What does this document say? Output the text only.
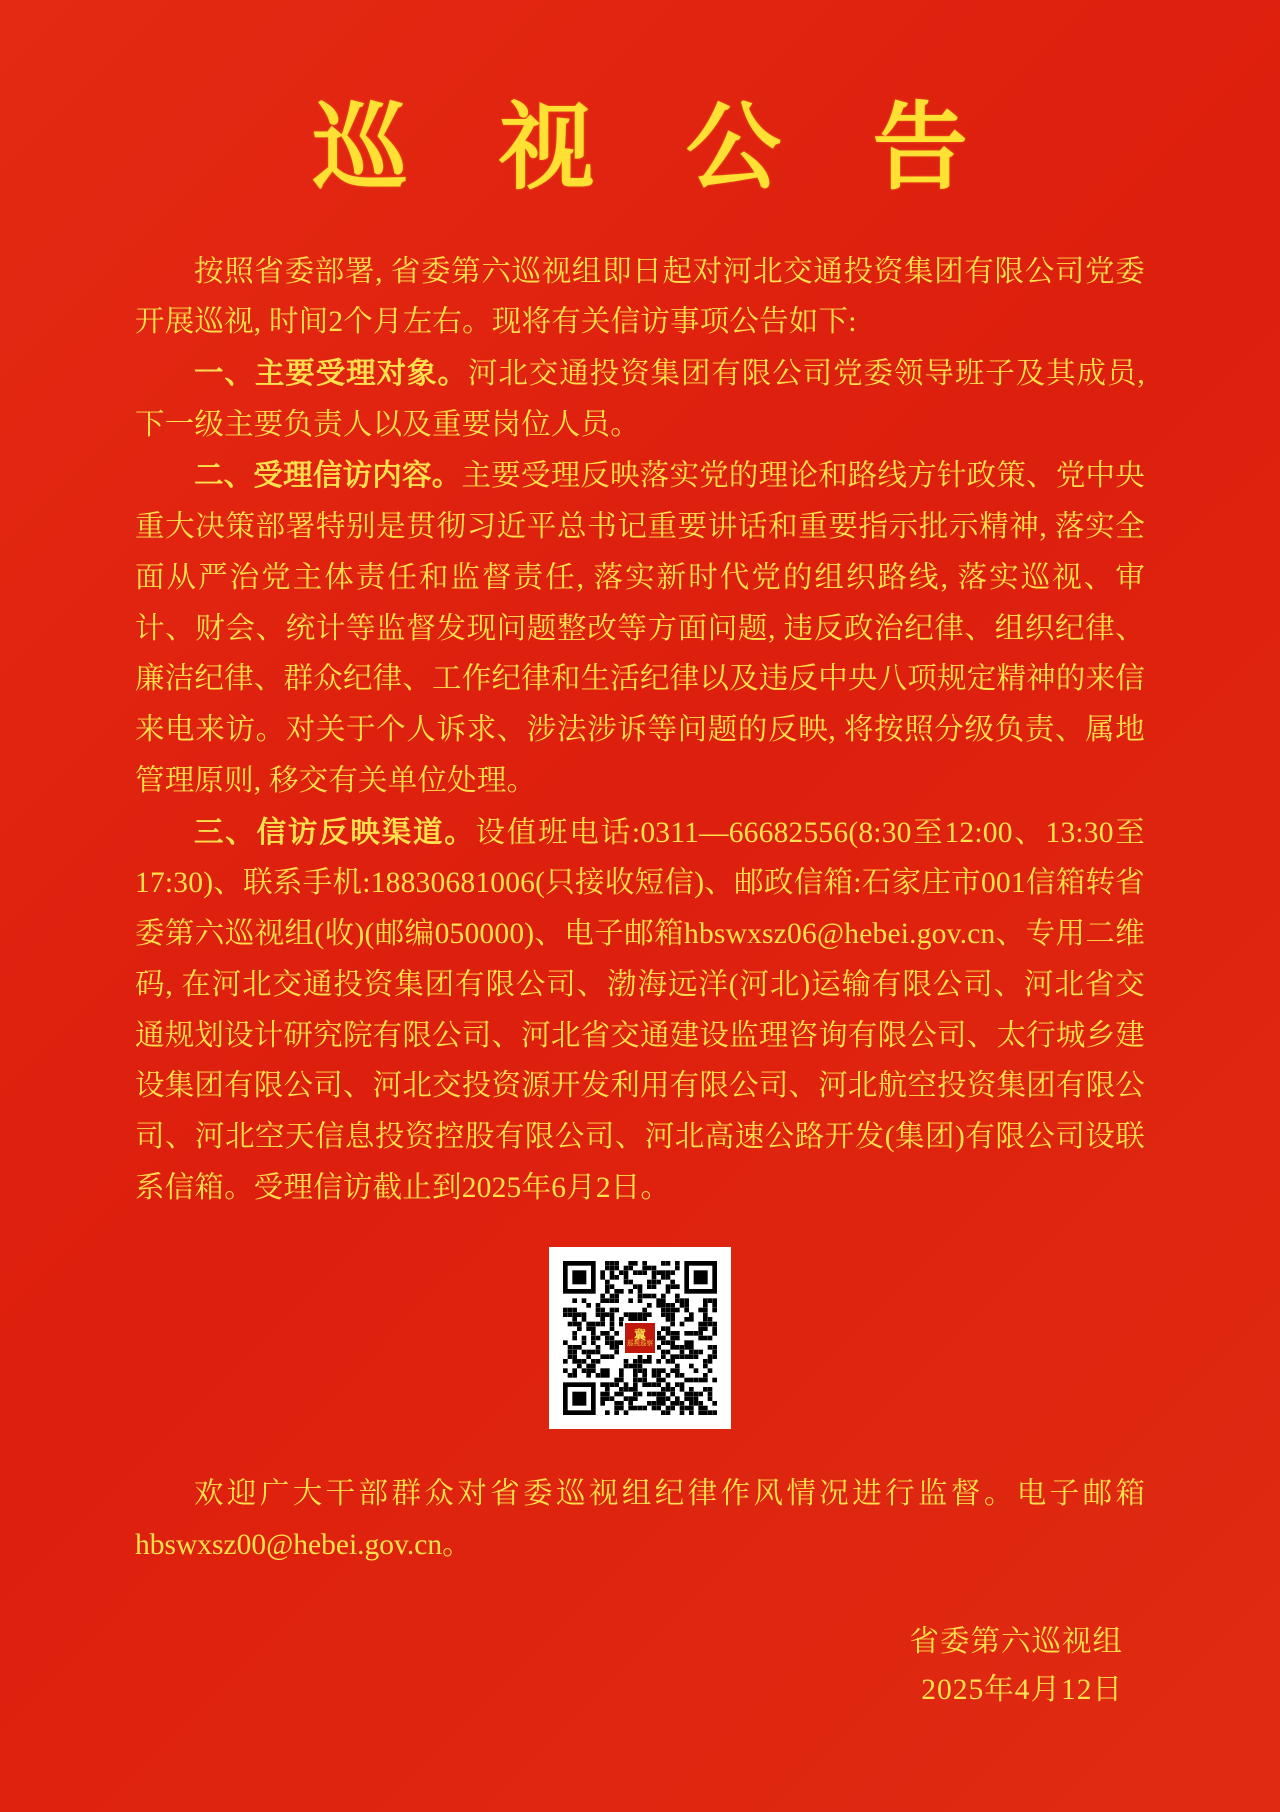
巡 视 公 告

按照省委部署, 省委第六巡视组即日起对河北交通投资集团有限公司党委开展巡视, 时间2个月左右。现将有关信访事项公告如下:

一、主要受理对象。河北交通投资集团有限公司党委领导班子及其成员, 下一级主要负责人以及重要岗位人员。

二、受理信访内容。主要受理反映落实党的理论和路线方针政策、党中央重大决策部署特别是贯彻习近平总书记重要讲话和重要指示批示精神, 落实全面从严治党主体责任和监督责任, 落实新时代党的组织路线, 落实巡视、审计、财会、统计等监督发现问题整改等方面问题, 违反政治纪律、组织纪律、廉洁纪律、群众纪律、工作纪律和生活纪律以及违反中央八项规定精神的来信来电来访。对关于个人诉求、涉法涉诉等问题的反映, 将按照分级负责、属地管理原则, 移交有关单位处理。

三、信访反映渠道。设值班电话:0311—66682556(8:30至12:00、13:30至17:30)、联系手机:18830681006(只接收短信)、邮政信箱:石家庄市001信箱转省委第六巡视组(收)(邮编050000)、电子邮箱hbswxsz06@hebei.gov.cn、专用二维码, 在河北交通投资集团有限公司、渤海远洋(河北)运输有限公司、河北省交通规划设计研究院有限公司、河北省交通建设监理咨询有限公司、太行城乡建设集团有限公司、河北交投资源开发利用有限公司、河北航空投资集团有限公司、河北空天信息投资控股有限公司、河北高速公路开发(集团)有限公司设联系信箱。受理信访截止到2025年6月2日。

冀
巡视巡察
欢迎广大干部群众对省委巡视组纪律作风情况进行监督。电子邮箱hbswxsz00@hebei.gov.cn。
省委第六巡视组
2025年4月12日
